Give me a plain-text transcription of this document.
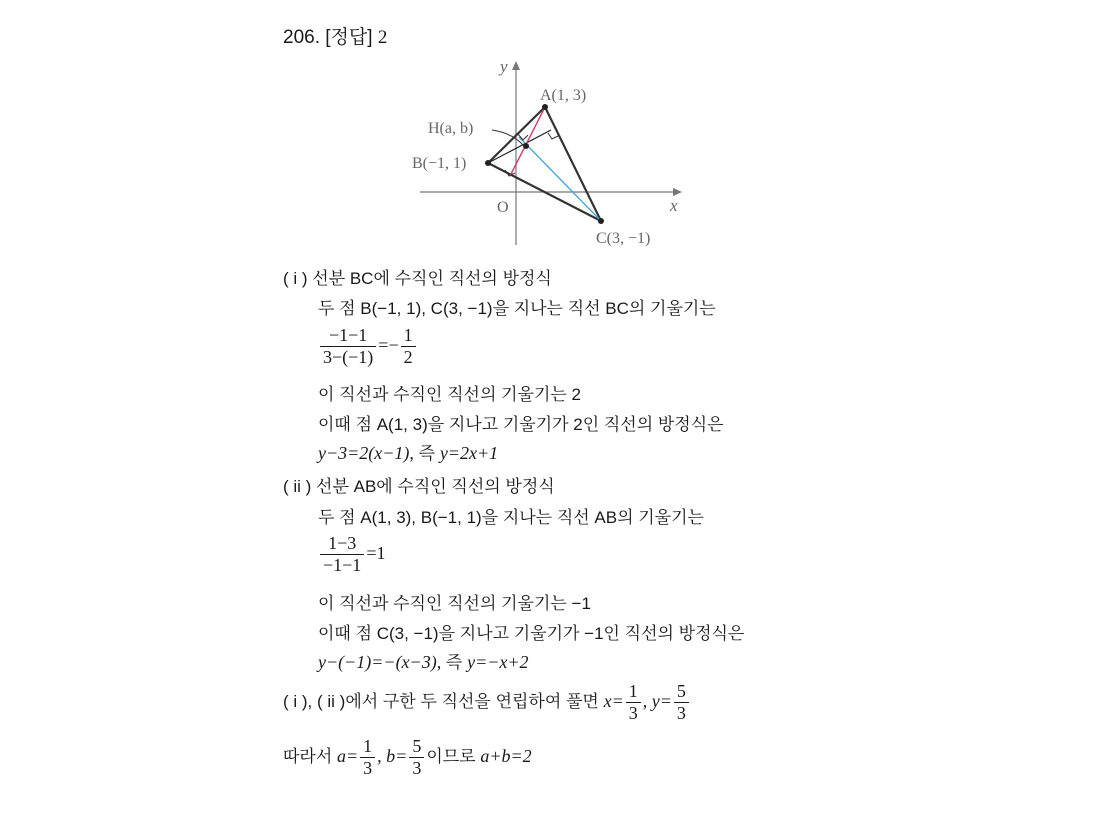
206. [정답] 2
y
x
O
A(1, 3)
H(a, b)
B(−1, 1)
C(3, −1)
( i ) 선분 BC에 수직인 직선의 방정식
두 점 B(−1, 1), C(3, −1)을 지나는 직선 BC의 기울기는
$\frac{-1-1}{3-(-1)} =- \frac{1}{2}$
이 직선과 수직인 직선의 기울기는 2
이때 점 A(1, 3)을 지나고 기울기가 2인 직선의 방정식은
y−3=2(x−1), 즉 y=2x+1
( ii ) 선분 AB에 수직인 직선의 방정식
두 점 A(1, 3), B(−1, 1)을 지나는 직선 AB의 기울기는
$\frac{1-3}{-1-1} =1$
이 직선과 수직인 직선의 기울기는 −1
이때 점 C(3, −1)을 지나고 기울기가 −1인 직선의 방정식은
y−(−1)=−(x−3), 즉 y=−x+2
( i ), ( ii )에서 구한 두 직선을 연립하여 풀면 $x= \frac{1}{3}$ , $y= \frac{5}{3}$
따라서 $a= \frac{1}{3}$ , $b= \frac{5}{3}$ 이므로 a+b=2
